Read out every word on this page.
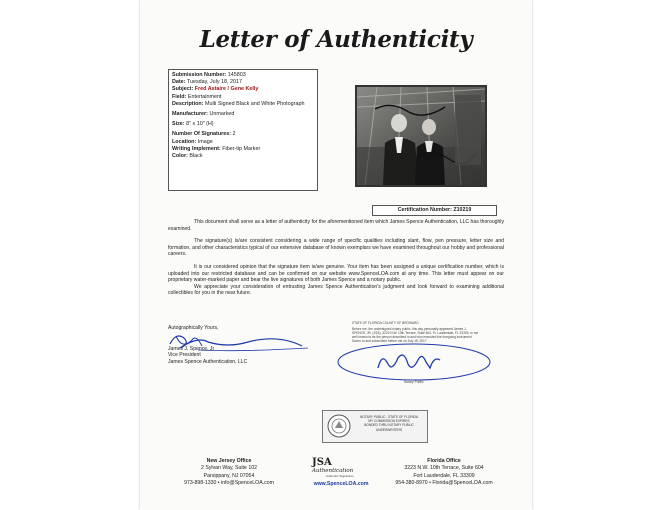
Letter of Authenticity
Submission Number: 145803
Date: Tuesday, July 18, 2017
Subject: Fred Astaire / Gene Kelly
Field: Entertainment
Description: Multi Signed Black and White Photograph
Manufacturer: Unmarked
Size: 8" x 10" (H)
Number Of Signatures: 2
Location: Image
Writing Implement: Fiber-tip Marker
Color: Black
Certification Number: Z10219

This document shall serve as a letter of authenticity for the aforementioned item which James Spence Authentication, LLC has thoroughly examined.

The signature(s) is/are consistent considering a wide range of specific qualities including slant, flow, pen pressure, letter size and formation, and other characteristics typical of our extensive database of known exemplars we have examined throughout our hobby and professional careers.

It is our considered opinion that the signature item is/are genuine. Your item has been assigned a unique certification number, which is uploaded into our restricted database and can be confirmed on our website www.SpenceLOA.com at any time. This letter must appear on our proprietary water-marked paper and bear the live signatures of both James Spence and a notary public.

We appreciate your consideration of entrusting James Spence Authentication's judgment and look forward to examining additional collectibles for you in the near future.

Autographically Yours,
James J. Spence, Jr
Vice President
James Spence Authentication, LLC
STATE OF FLORIDA COUNTY OF BROWARD
Before me, the undersigned notary public, this day personally appeared James J. SPENCE, JR. (JSA), 3223 N.W. 10th Terrace, Suite 604, Ft. Lauderdale, FL 33309, to me well known to be the person described in and who executed the foregoing instrument.
Sworn to and subscribed before me on July 18, 2017
Notary Public
NOTARY PUBLIC - STATE OF FLORIDA
MY COMMISSION EXPIRES
BONDED THRU NOTARY PUBLIC UNDERWRITERS
New Jersey Office
2 Sylvan Way, Suite 102
Parsippany, NJ 07054
973-898-1330 • info@SpenceLOA.com
JSA
Authentication
Authentic Signatures
www.SpenceLOA.com
Florida Office
3223 N.W. 10th Terrace, Suite 604
Fort Lauderdale, FL 33309
954-380-8970 • Florida@SpenceLOA.com
